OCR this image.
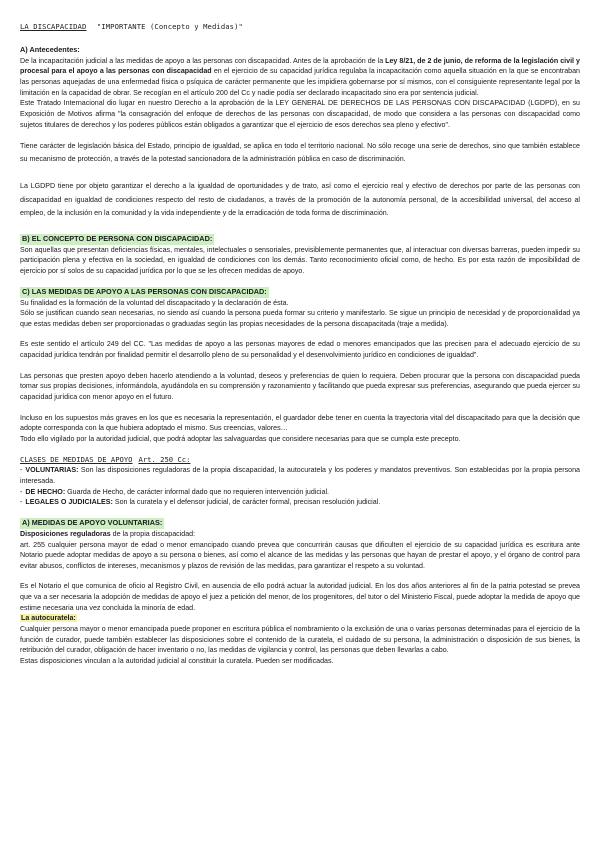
LA DISCAPACIDAD "IMPORTANTE (Concepto y Medidas)"
A) Antecedentes:
De la incapacitación judicial a las medidas de apoyo a las personas con discapacidad. Antes de la aprobación de la Ley 8/21, de 2 de junio, de reforma de la legislación civil y procesal para el apoyo a las personas con discapacidad en el ejercicio de su capacidad jurídica regulaba la incapacitación como aquella situación en la que se encontraban las personas aquejadas de una enfermedad física o psíquica de carácter permanente que les impidiera gobernarse por sí mismos, con el consiguiente representante legal por la limitación en la capacidad de obrar. Se recogían en el artículo 200 del Cc y nadie podía ser declarado incapacitado sino era por sentencia judicial.
Este Tratado Internacional dio lugar en nuestro Derecho a la aprobación de la LEY GENERAL DE DERECHOS DE LAS PERSONAS CON DISCAPACIDAD (LGDPD), en su Exposición de Motivos afirma "la consagración del enfoque de derechos de las personas con discapacidad, de modo que considera a las personas con discapacidad como sujetos titulares de derechos y los poderes públicos están obligados a garantizar que el ejercicio de esos derechos sea pleno y efectivo".
Tiene carácter de legislación básica del Estado, principio de igualdad, se aplica en todo el territorio nacional. No sólo recoge una serie de derechos, sino que también establece su mecanismo de protección, a través de la potestad sancionadora de la administración pública en caso de discriminación.
La LGDPD tiene por objeto garantizar el derecho a la igualdad de oportunidades y de trato, así como el ejercicio real y efectivo de derechos por parte de las personas con discapacidad en igualdad de condiciones respecto del resto de ciudadanos, a través de la promoción de la autonomía personal, de la accesibilidad universal, del acceso al empleo, de la inclusión en la comunidad y la vida independiente y de la erradicación de toda forma de discriminación.
B) EL CONCEPTO DE PERSONA CON DISCAPACIDAD:
Son aquellas que presentan deficiencias físicas, mentales, intelectuales o sensoriales, previsiblemente permanentes que, al interactuar con diversas barreras, pueden impedir su participación plena y efectiva en la sociedad, en igualdad de condiciones con los demás. Tanto reconocimiento oficial como, de hecho. Es por esta razón de imposibilidad de ejercicio por sí solos de su capacidad jurídica por lo que se les ofrecen medidas de apoyo.
C) LAS MEDIDAS DE APOYO A LAS PERSONAS CON DISCAPACIDAD:
Su finalidad es la formación de la voluntad del discapacitado y la declaración de ésta.
Sólo se justifican cuando sean necesarias, no siendo así cuando la persona pueda formar su criterio y manifestarlo. Se sigue un principio de necesidad y de proporcionalidad ya que estas medidas deben ser proporcionadas o graduadas según las propias necesidades de la persona discapacitada (traje a medida).
Es este sentido el artículo 249 del CC. "Las medidas de apoyo a las personas mayores de edad o menores emancipados que las precisen para el adecuado ejercicio de su capacidad jurídica tendrán por finalidad permitir el desarrollo pleno de su personalidad y el desenvolvimiento jurídico en condiciones de igualdad".
Las personas que presten apoyo deben hacerlo atendiendo a la voluntad, deseos y preferencias de quien lo requiera. Deben procurar que la persona con discapacidad pueda tomar sus propias decisiones, informándola, ayudándola en su comprensión y razonamiento y facilitando que pueda expresar sus preferencias, asegurando que pueda ejercer su capacidad jurídica con menor apoyo en el futuro.
Incluso en los supuestos más graves en los que es necesaria la representación, el guardador debe tener en cuenta la trayectoria vital del discapacitado para que la decisión que adopte corresponda con la que hubiera adoptado el mismo. Sus creencias, valores…
Todo ello vigilado por la autoridad judicial, que podrá adoptar las salvaguardas que considere necesarias para que se cumpla este precepto.
CLASES DE MEDIDAS DE APOYO Art. 250 Cc:
- VOLUNTARIAS: Son las disposiciones reguladoras de la propia discapacidad, la autocuratela y los poderes y mandatos preventivos. Son establecidas por la propia persona interesada.
- DE HECHO: Guarda de Hecho, de carácter informal dado que no requieren intervención judicial.
- LEGALES O JUDICIALES: Son la curatela y el defensor judicial, de carácter formal, precisan resolución judicial.
A) MEDIDAS DE APOYO VOLUNTARIAS:
Disposiciones reguladoras de la propia discapacidad:
art. 255 cualquier persona mayor de edad o menor emancipado cuando prevea que concurrirán causas que dificulten el ejercicio de su capacidad jurídica es escritura ante Notario puede adoptar medidas de apoyo a su persona o bienes, así como el alcance de las medidas y las personas que hayan de prestar el apoyo, y el órgano de control para evitar abusos, conflictos de intereses, mecanismos y plazos de revisión de las medidas, para garantizar el respeto a su voluntad.
Es el Notario el que comunica de oficio al Registro Civil, en ausencia de ello podrá actuar la autoridad judicial. En los dos años anteriores al fin de la patria potestad se prevea que va a ser necesaria la adopción de medidas de apoyo el juez a petición del menor, de los progenitores, del tutor o del Ministerio Fiscal, puede adoptar la medida de apoyo que estime necesaria una vez concluida la minoría de edad.
La autocuratela:
Cualquier persona mayor o menor emancipada puede proponer en escritura pública el nombramiento o la exclusión de una o varias personas determinadas para el ejercicio de la función de curador, puede también establecer las disposiciones sobre el contenido de la curatela, el cuidado de su persona, la administración o disposición de sus bienes, la retribución del curador, obligación de hacer inventario o no, las medidas de vigilancia y control, las personas que deben llevarlas a cabo.
Estas disposiciones vinculan a la autoridad judicial al constituir la curatela. Pueden ser modificadas.
